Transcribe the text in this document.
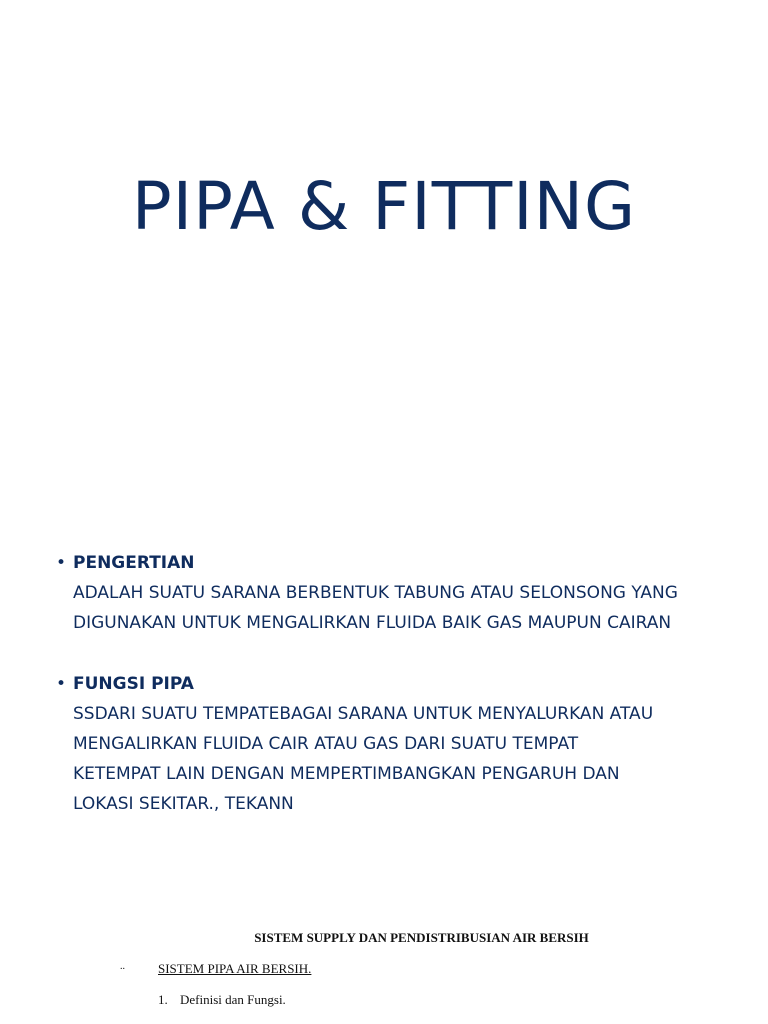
PIPA & FITTING
• PENGERTIAN
ADALAH SUATU SARANA BERBENTUK TABUNG ATAU SELONSONG YANG
DIGUNAKAN UNTUK MENGALIRKAN FLUIDA BAIK GAS MAUPUN CAIRAN
• FUNGSI PIPA
SSDARI SUATU TEMPATEBAGAI SARANA UNTUK MENYALURKAN ATAU
MENGALIRKAN FLUIDA CAIR ATAU GAS DARI SUATU TEMPAT
KETEMPAT LAIN DENGAN MEMPERTIMBANGKAN PENGARUH DAN
LOKASI SEKITAR., TEKANN
SISTEM SUPPLY DAN PENDISTRIBUSIAN AIR BERSIH
..	SISTEM PIPA AIR BERSIH.
1. Definisi dan Fungsi.
